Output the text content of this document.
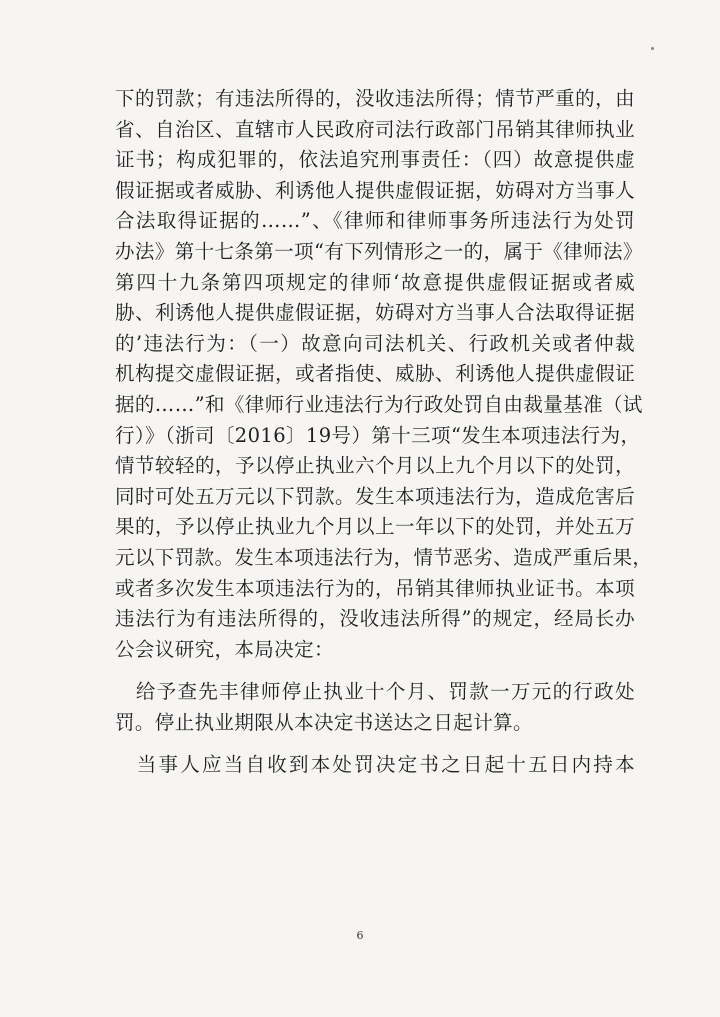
下的罚款；有违法所得的，没收违法所得；情节严重的，由
省、自治区、直辖市人民政府司法行政部门吊销其律师执业
证书；构成犯罪的，依法追究刑事责任：（四）故意提供虚
假证据或者威胁、利诱他人提供虚假证据，妨碍对方当事人
合法取得证据的……”、《律师和律师事务所违法行为处罚
办法》第十七条第一项“有下列情形之一的，属于《律师法》
第四十九条第四项规定的律师‘故意提供虚假证据或者威
胁、利诱他人提供虚假证据，妨碍对方当事人合法取得证据
的’违法行为：（一）故意向司法机关、行政机关或者仲裁
机构提交虚假证据，或者指使、威胁、利诱他人提供虚假证
据的……”和《律师行业违法行为行政处罚自由裁量基准（试
行）》（浙司〔2016〕19号）第十三项“发生本项违法行为，
情节较轻的，予以停止执业六个月以上九个月以下的处罚，
同时可处五万元以下罚款。发生本项违法行为，造成危害后
果的，予以停止执业九个月以上一年以下的处罚，并处五万
元以下罚款。发生本项违法行为，情节恶劣、造成严重后果，
或者多次发生本项违法行为的，吊销其律师执业证书。本项
违法行为有违法所得的，没收违法所得”的规定，经局长办
公会议研究，本局决定：
　给予查先丰律师停止执业十个月、罚款一万元的行政处
罚。停止执业期限从本决定书送达之日起计算。
　当事人应当自收到本处罚决定书之日起十五日内持本
6
